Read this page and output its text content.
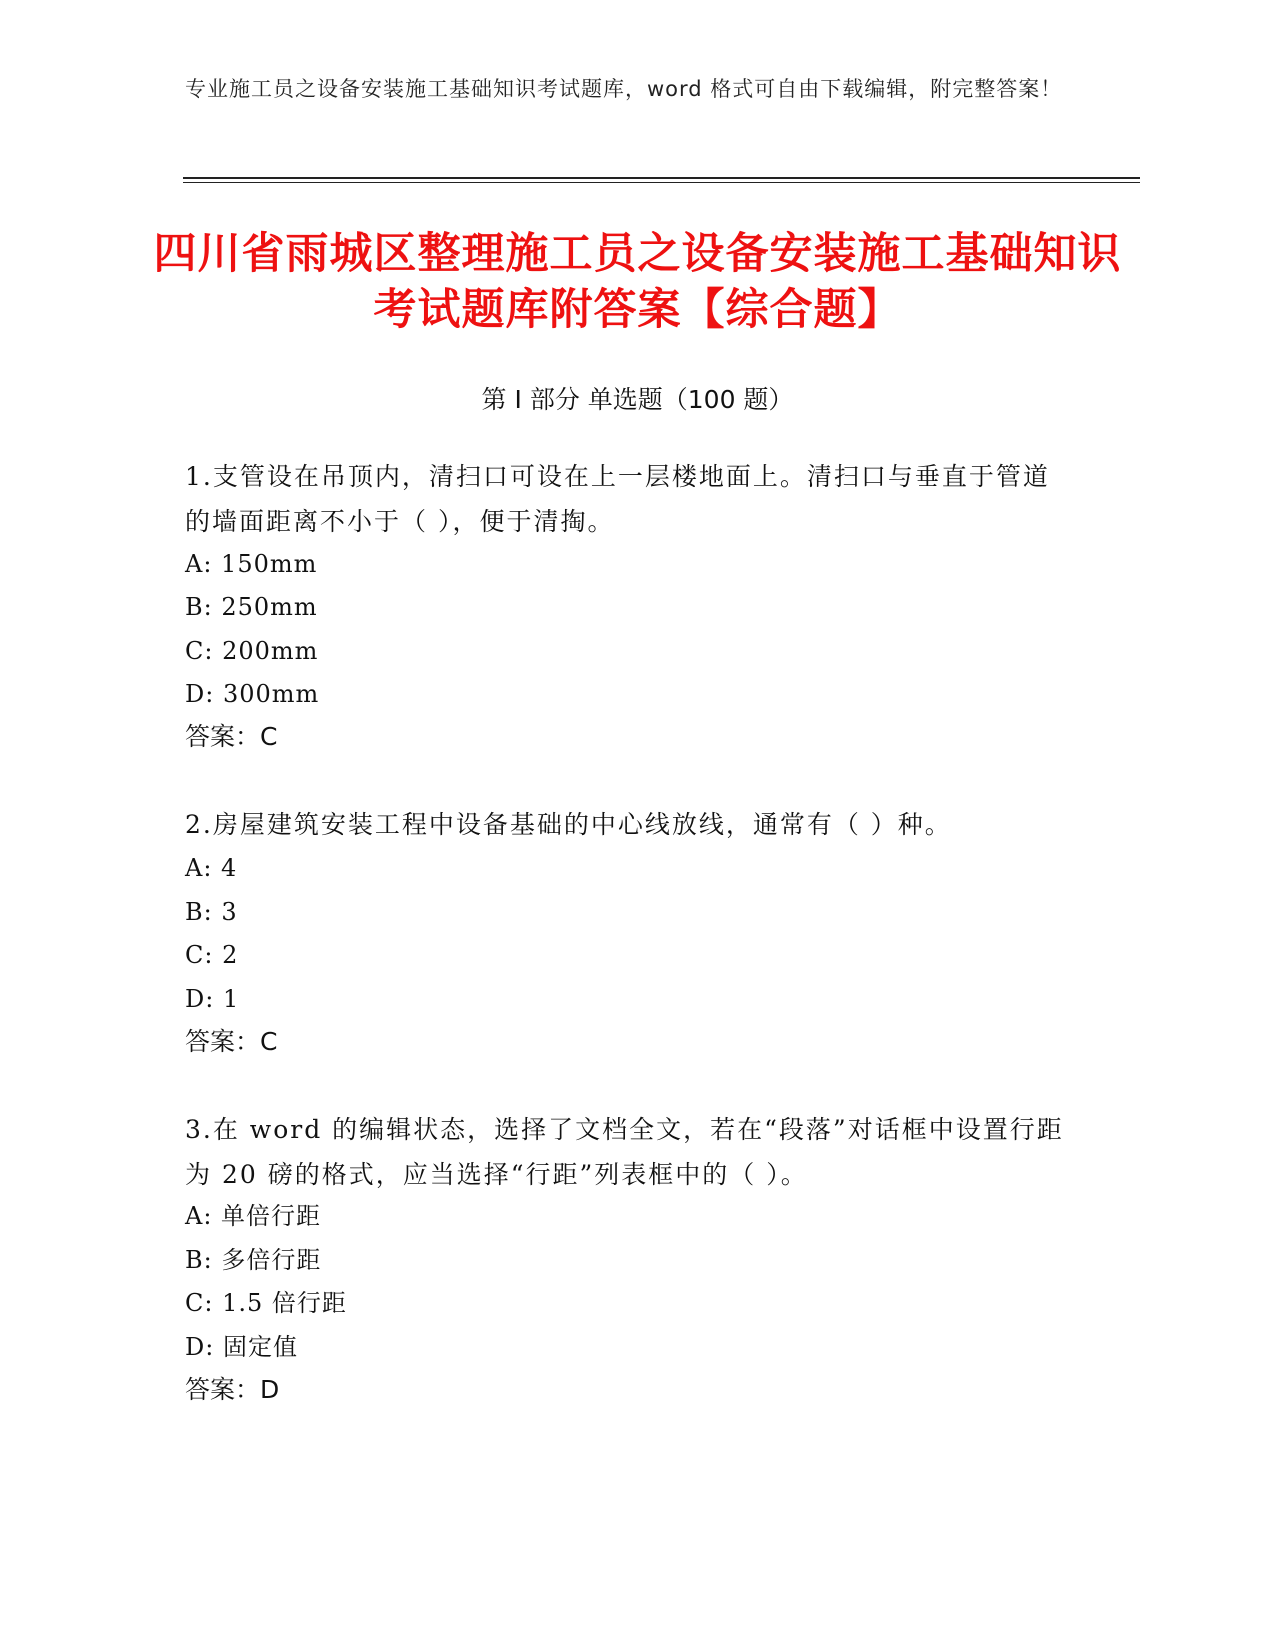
专业施工员之设备安装施工基础知识考试题库，word 格式可自由下载编辑，附完整答案！

四川省雨城区整理施工员之设备安装施工基础知识考试题库附答案【综合题】
第 I 部分 单选题（100 题）

1.支管设在吊顶内，清扫口可设在上一层楼地面上。清扫口与垂直于管道的墙面距离不小于（ ），便于清掏。

A: 150mm

B: 250mm

C: 200mm

D: 300mm

答案：C

2.房屋建筑安装工程中设备基础的中心线放线，通常有（ ）种。

A: 4

B: 3

C: 2

D: 1

答案：C

3.在 word 的编辑状态，选择了文档全文，若在“段落”对话框中设置行距为 20 磅的格式，应当选择“行距”列表框中的（ ）。

A: 单倍行距

B: 多倍行距

C: 1.5 倍行距

D: 固定值

答案：D
